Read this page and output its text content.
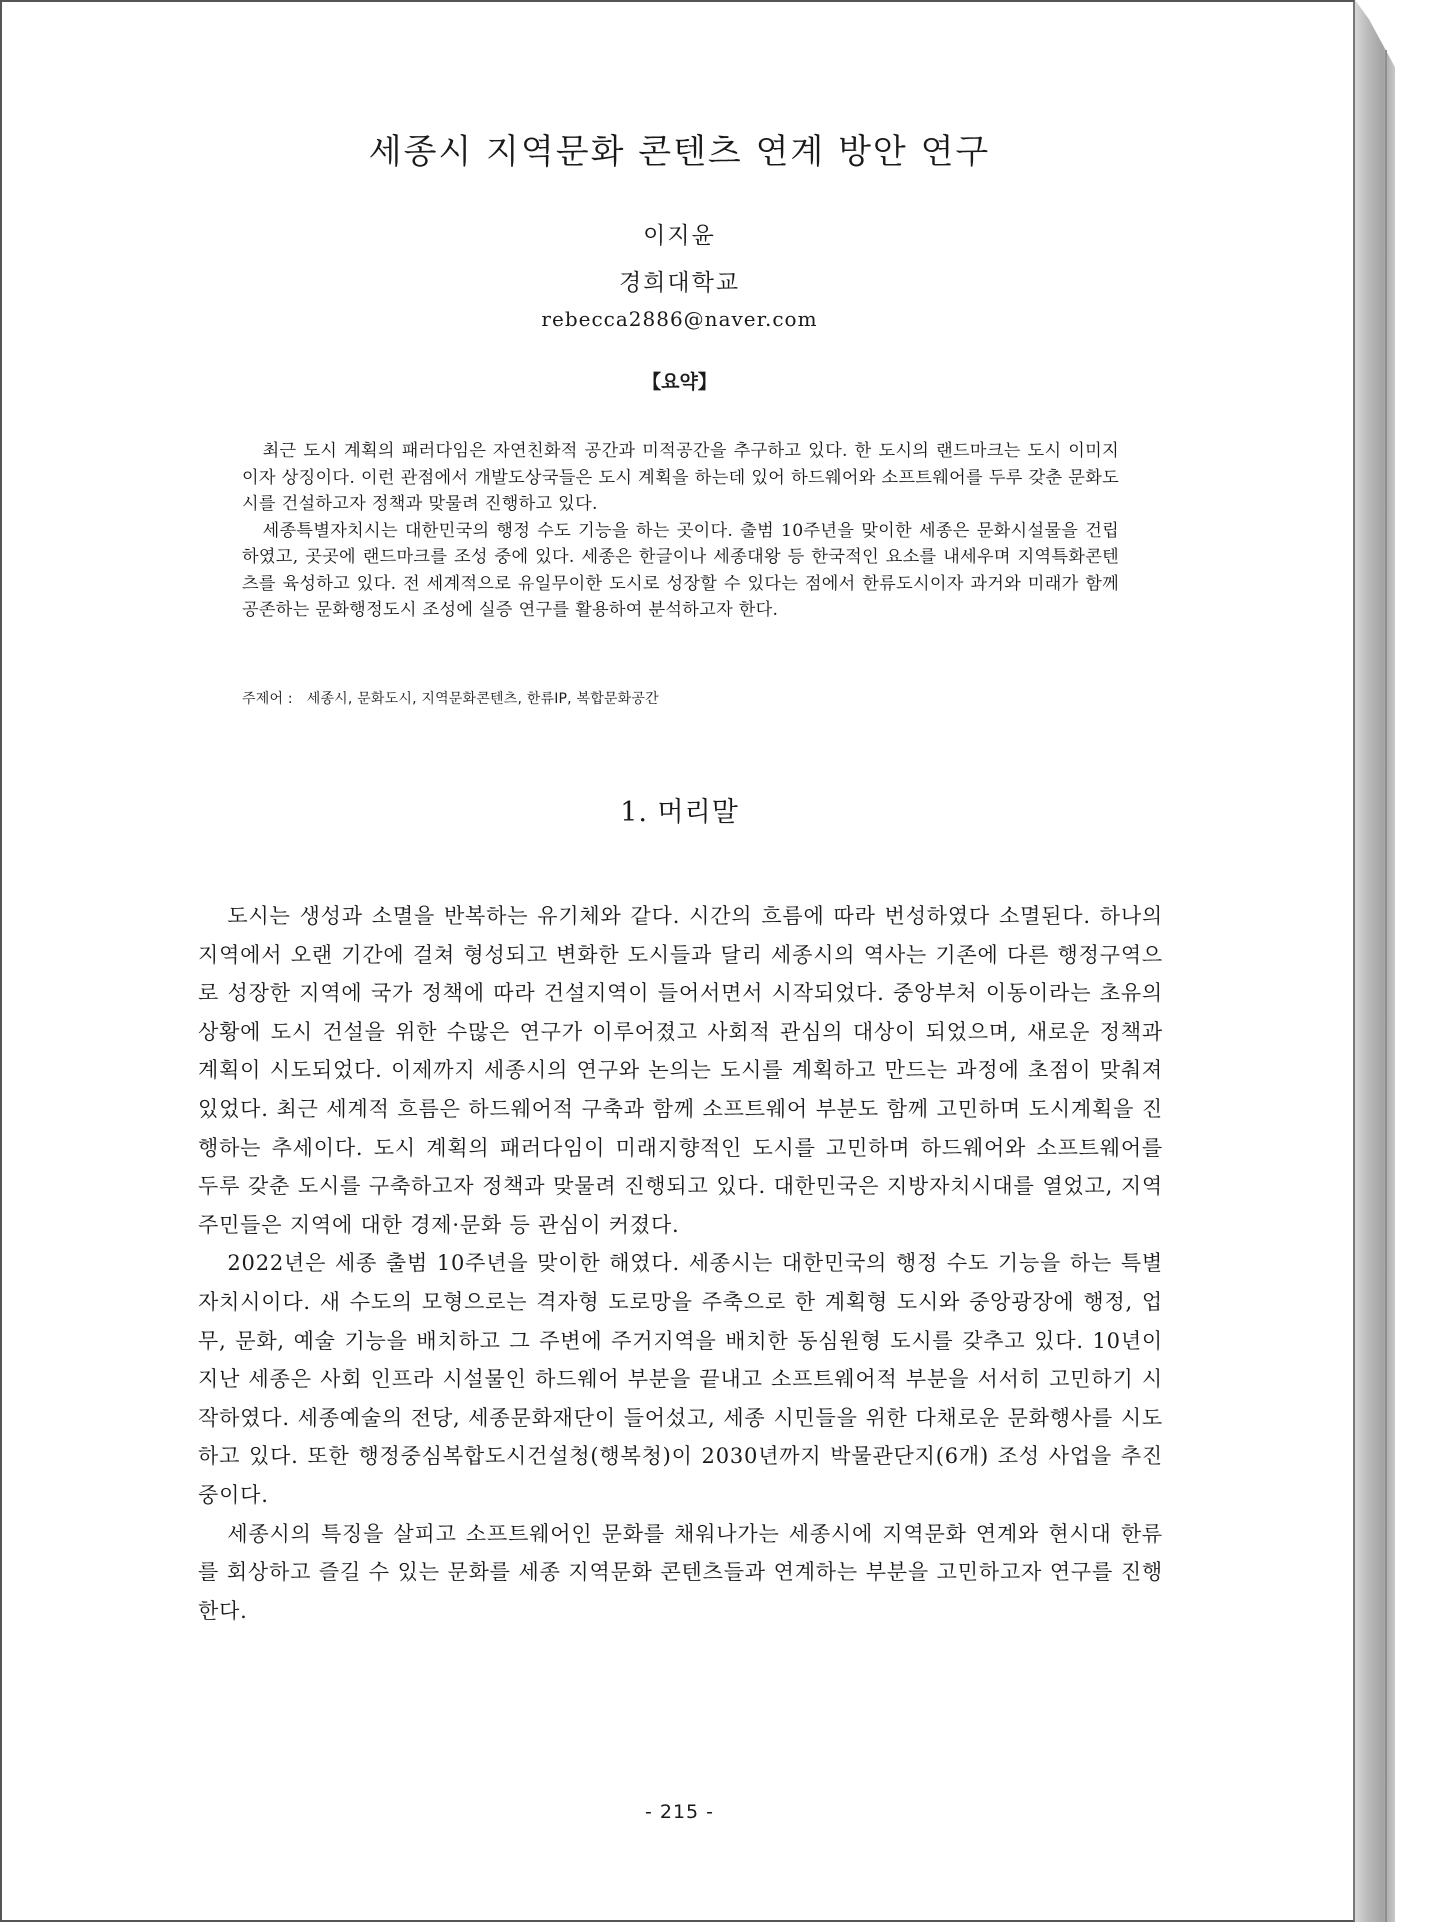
세종시 지역문화 콘텐츠 연계 방안 연구
이지윤
경희대학교
rebecca2886@naver.com
【요약】

최근 도시 계획의 패러다임은 자연친화적 공간과 미적공간을 추구하고 있다. 한 도시의 랜드마크는 도시 이미지이자 상징이다. 이런 관점에서 개발도상국들은 도시 계획을 하는데 있어 하드웨어와 소프트웨어를 두루 갖춘 문화도시를 건설하고자 정책과 맞물려 진행하고 있다.

세종특별자치시는 대한민국의 행정 수도 기능을 하는 곳이다. 출범 10주년을 맞이한 세종은 문화시설물을 건립하였고, 곳곳에 랜드마크를 조성 중에 있다. 세종은 한글이나 세종대왕 등 한국적인 요소를 내세우며 지역특화콘텐츠를 육성하고 있다. 전 세계적으로 유일무이한 도시로 성장할 수 있다는 점에서 한류도시이자 과거와 미래가 함께 공존하는 문화행정도시 조성에 실증 연구를 활용하여 분석하고자 한다.

주제어 : 세종시, 문화도시, 지역문화콘텐츠, 한류IP, 복합문화공간
1. 머리말

도시는 생성과 소멸을 반복하는 유기체와 같다. 시간의 흐름에 따라 번성하였다 소멸된다. 하나의 지역에서 오랜 기간에 걸쳐 형성되고 변화한 도시들과 달리 세종시의 역사는 기존에 다른 행정구역으로 성장한 지역에 국가 정책에 따라 건설지역이 들어서면서 시작되었다. 중앙부처 이동이라는 초유의 상황에 도시 건설을 위한 수많은 연구가 이루어졌고 사회적 관심의 대상이 되었으며, 새로운 정책과 계획이 시도되었다. 이제까지 세종시의 연구와 논의는 도시를 계획하고 만드는 과정에 초점이 맞춰져 있었다. 최근 세계적 흐름은 하드웨어적 구축과 함께 소프트웨어 부분도 함께 고민하며 도시계획을 진행하는 추세이다. 도시 계획의 패러다임이 미래지향적인 도시를 고민하며 하드웨어와 소프트웨어를 두루 갖춘 도시를 구축하고자 정책과 맞물려 진행되고 있다. 대한민국은 지방자치시대를 열었고, 지역주민들은 지역에 대한 경제·문화 등 관심이 커졌다.

2022년은 세종 출범 10주년을 맞이한 해였다. 세종시는 대한민국의 행정 수도 기능을 하는 특별자치시이다. 새 수도의 모형으로는 격자형 도로망을 주축으로 한 계획형 도시와 중앙광장에 행정, 업무, 문화, 예술 기능을 배치하고 그 주변에 주거지역을 배치한 동심원형 도시를 갖추고 있다. 10년이 지난 세종은 사회 인프라 시설물인 하드웨어 부분을 끝내고 소프트웨어적 부분을 서서히 고민하기 시작하였다. 세종예술의 전당, 세종문화재단이 들어섰고, 세종 시민들을 위한 다채로운 문화행사를 시도하고 있다. 또한 행정중심복합도시건설청(행복청)이 2030년까지 박물관단지(6개) 조성 사업을 추진 중이다.

세종시의 특징을 살피고 소프트웨어인 문화를 채워나가는 세종시에 지역문화 연계와 현시대 한류를 회상하고 즐길 수 있는 문화를 세종 지역문화 콘텐츠들과 연계하는 부분을 고민하고자 연구를 진행한다.

- 215 -
